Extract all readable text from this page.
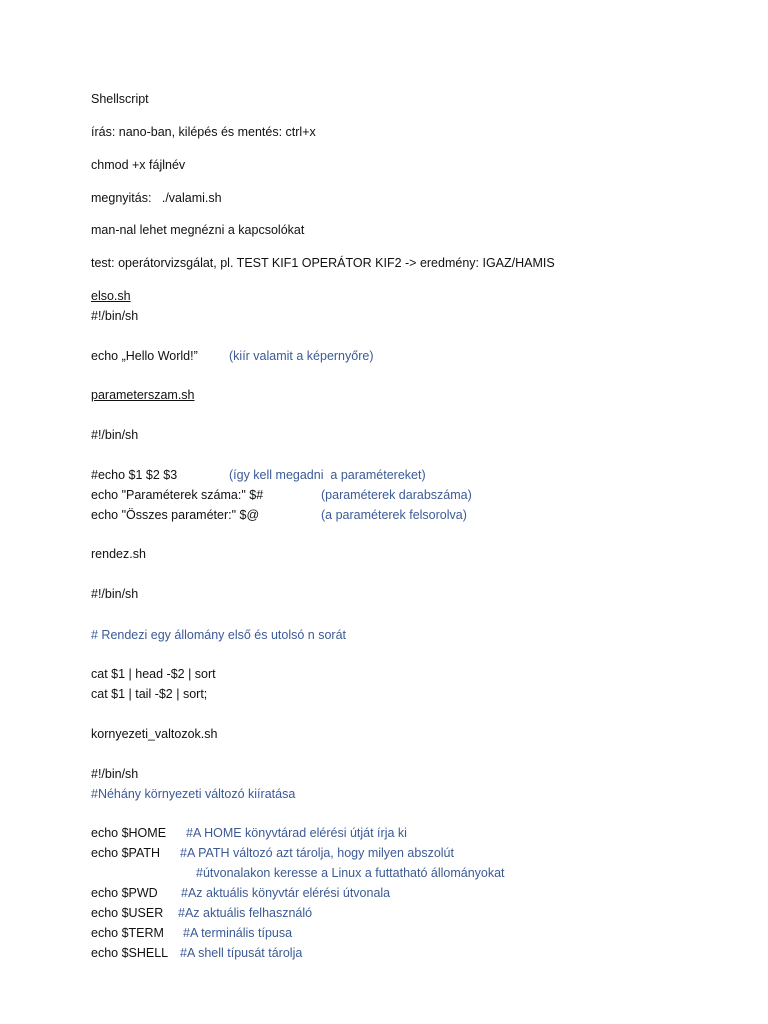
Shellscript
írás: nano-ban, kilépés és mentés: ctrl+x
chmod +x fájlnév
megnyitás:   ./valami.sh
man-nal lehet megnézni a kapcsolókat
test: operátorvizsgálat, pl. TEST KIF1 OPERÁTOR KIF2 -> eredmény: IGAZ/HAMIS
elso.sh
#!/bin/sh
echo „Hello World!” (kiír valamit a képernyőre)
parameterszam.sh
#!/bin/sh
#echo $1 $2 $3	(így kell megadni  a paramétereket)
echo "Paraméterek száma:" $#	(paraméterek darabszáma)
echo "Összes paraméter:" $@	(a paraméterek felsorolva)
rendez.sh
#!/bin/sh
# Rendezi egy állomány első és utolsó n sorát
cat $1 | head -$2 | sort
cat $1 | tail -$2 | sort;
kornyezeti_valtozok.sh
#!/bin/sh
#Néhány környezeti változó kiíratása
echo $HOME #A HOME könyvtárad elérési útját írja ki
echo $PATH #A PATH változó azt tárolja, hogy milyen abszolút
#útvonalakon keresse a Linux a futtatható állományokat
echo $PWD #Az aktuális könyvtár elérési útvonala
echo $USER #Az aktuális felhasználó
echo $TERM #A terminális típusa
echo $SHELL #A shell típusát tárolja
